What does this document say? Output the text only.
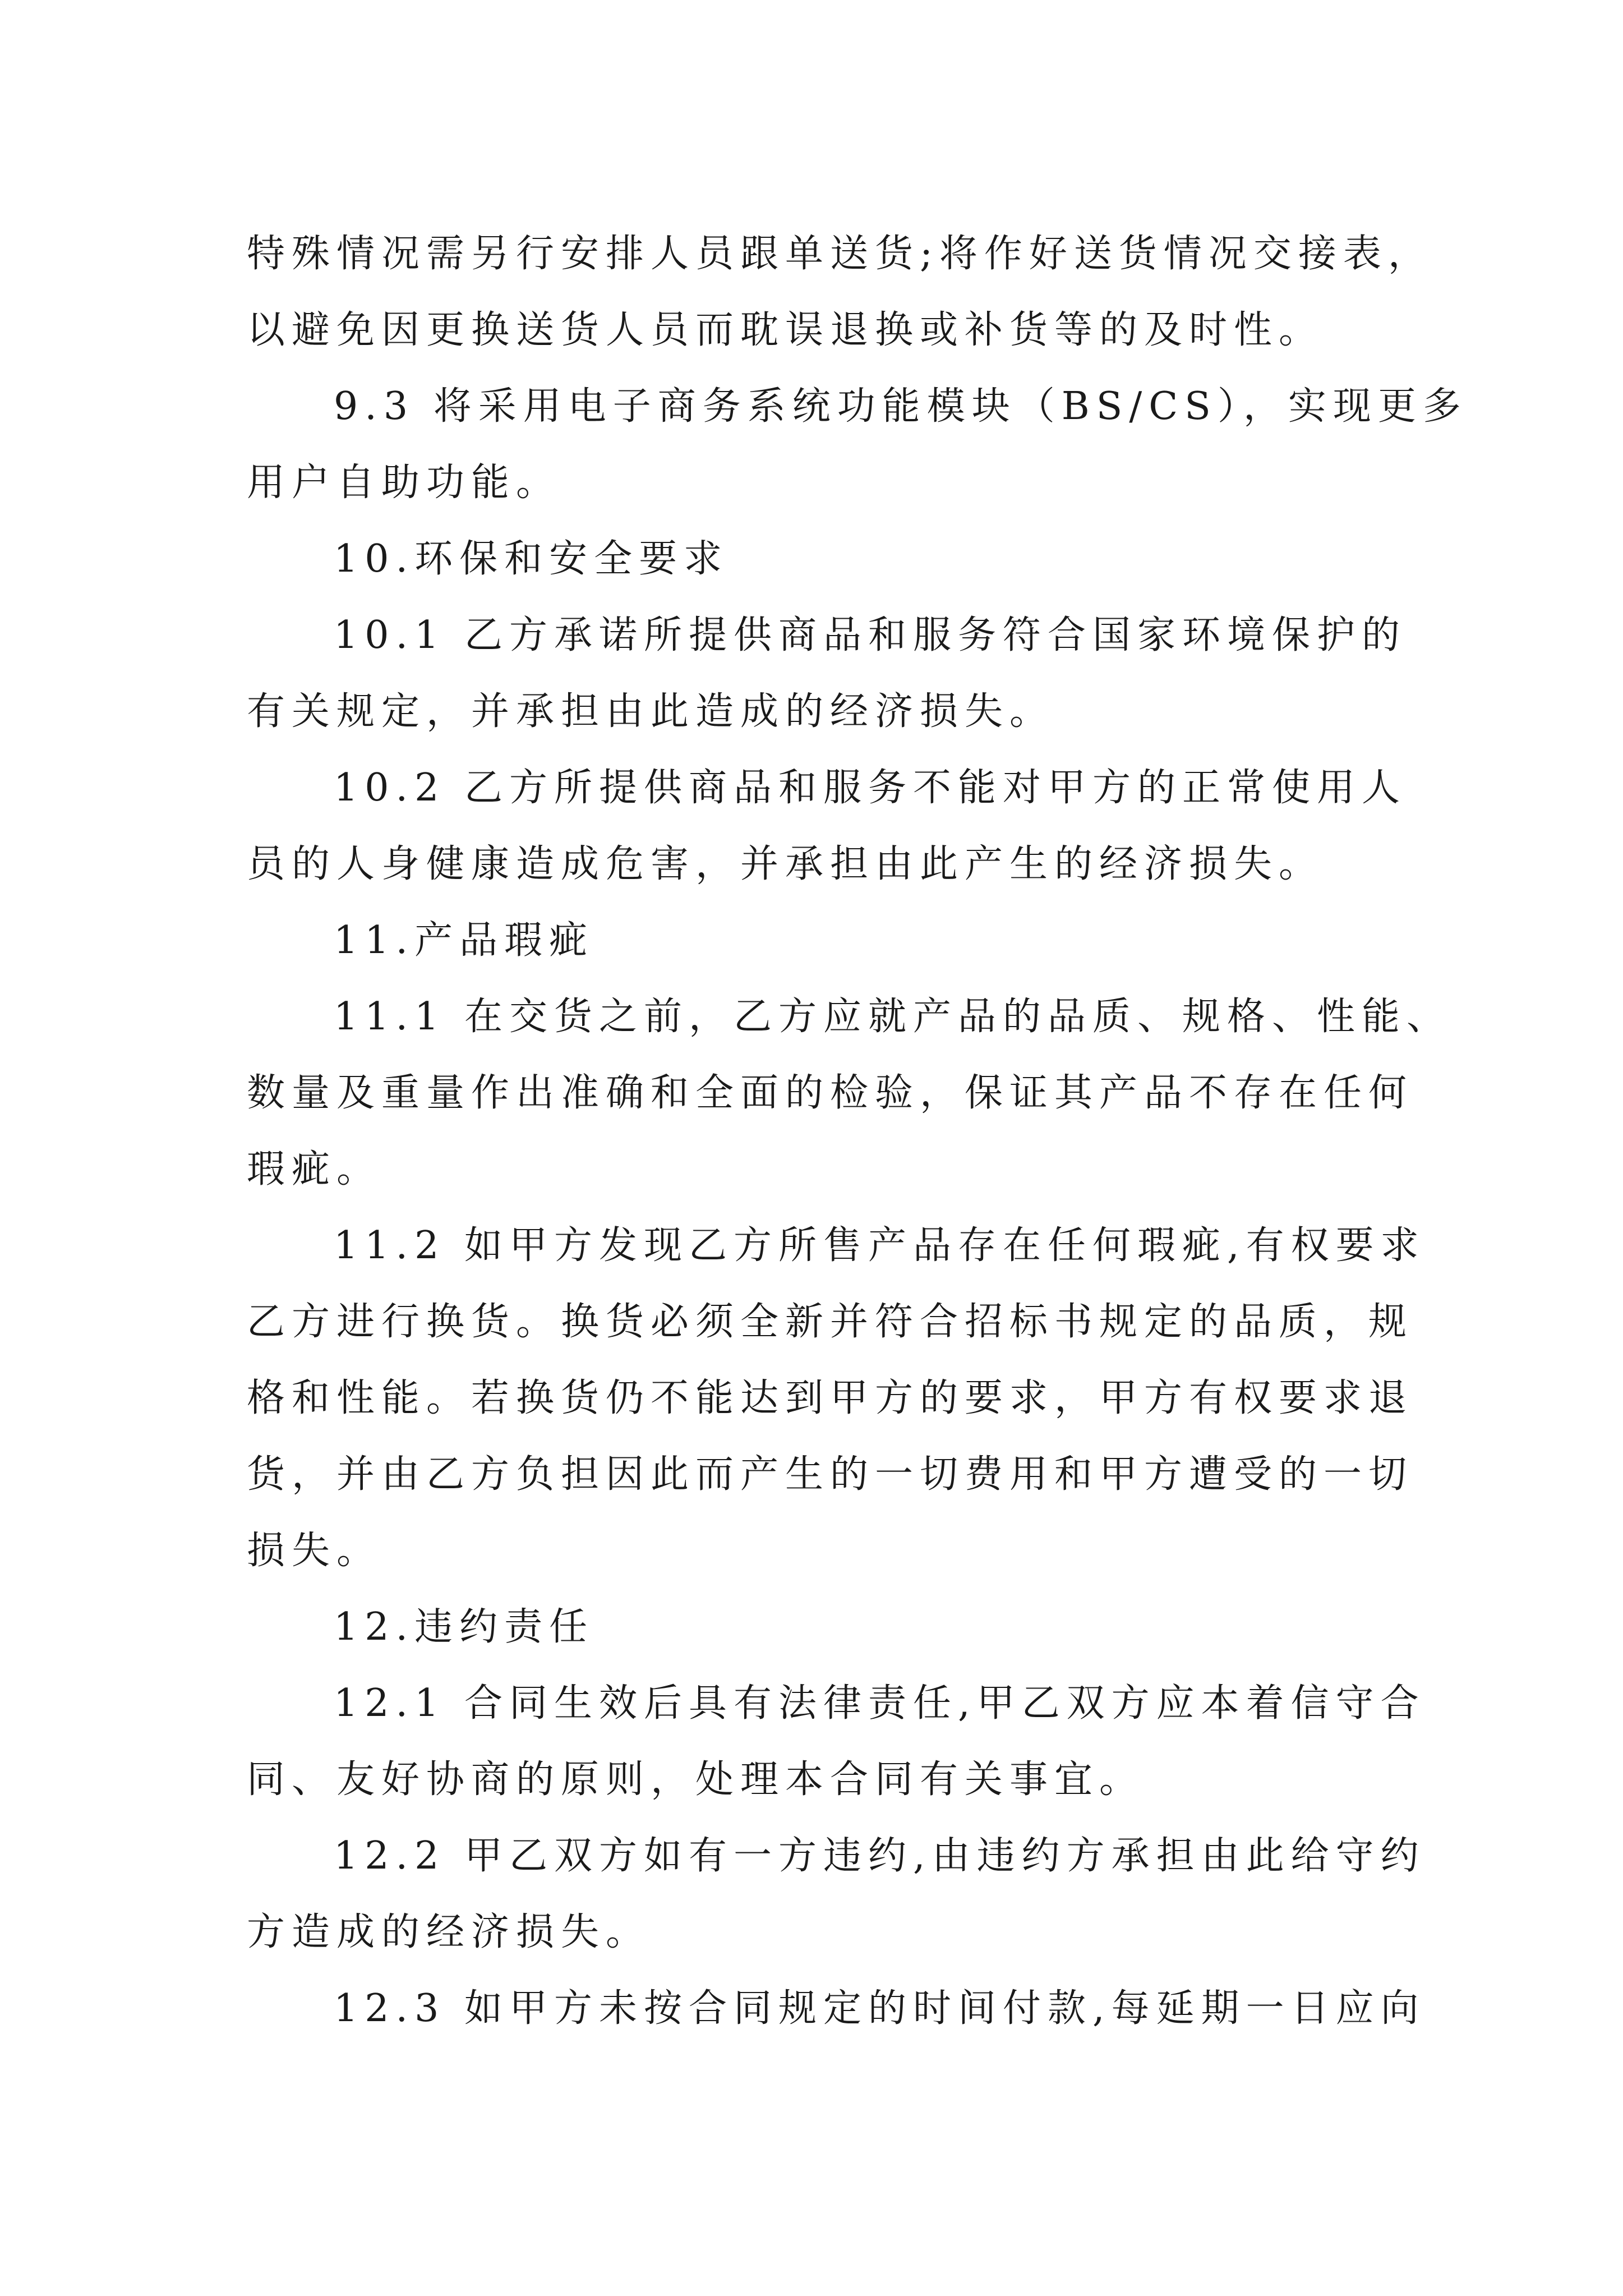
特殊情况需另行安排人员跟单送货;将作好送货情况交接表，
以避免因更换送货人员而耽误退换或补货等的及时性。
9.3 将采用电子商务系统功能模块（BS/CS），实现更多
用户自助功能。
10.环保和安全要求
10.1 乙方承诺所提供商品和服务符合国家环境保护的
有关规定，并承担由此造成的经济损失。
10.2 乙方所提供商品和服务不能对甲方的正常使用人
员的人身健康造成危害，并承担由此产生的经济损失。
11.产品瑕疵
11.1 在交货之前，乙方应就产品的品质、规格、性能、
数量及重量作出准确和全面的检验，保证其产品不存在任何
瑕疵。
11.2 如甲方发现乙方所售产品存在任何瑕疵,有权要求
乙方进行换货。换货必须全新并符合招标书规定的品质，规
格和性能。若换货仍不能达到甲方的要求，甲方有权要求退
货，并由乙方负担因此而产生的一切费用和甲方遭受的一切
损失。
12.违约责任
12.1 合同生效后具有法律责任,甲乙双方应本着信守合
同、友好协商的原则，处理本合同有关事宜。
12.2 甲乙双方如有一方违约,由违约方承担由此给守约
方造成的经济损失。
12.3 如甲方未按合同规定的时间付款,每延期一日应向
